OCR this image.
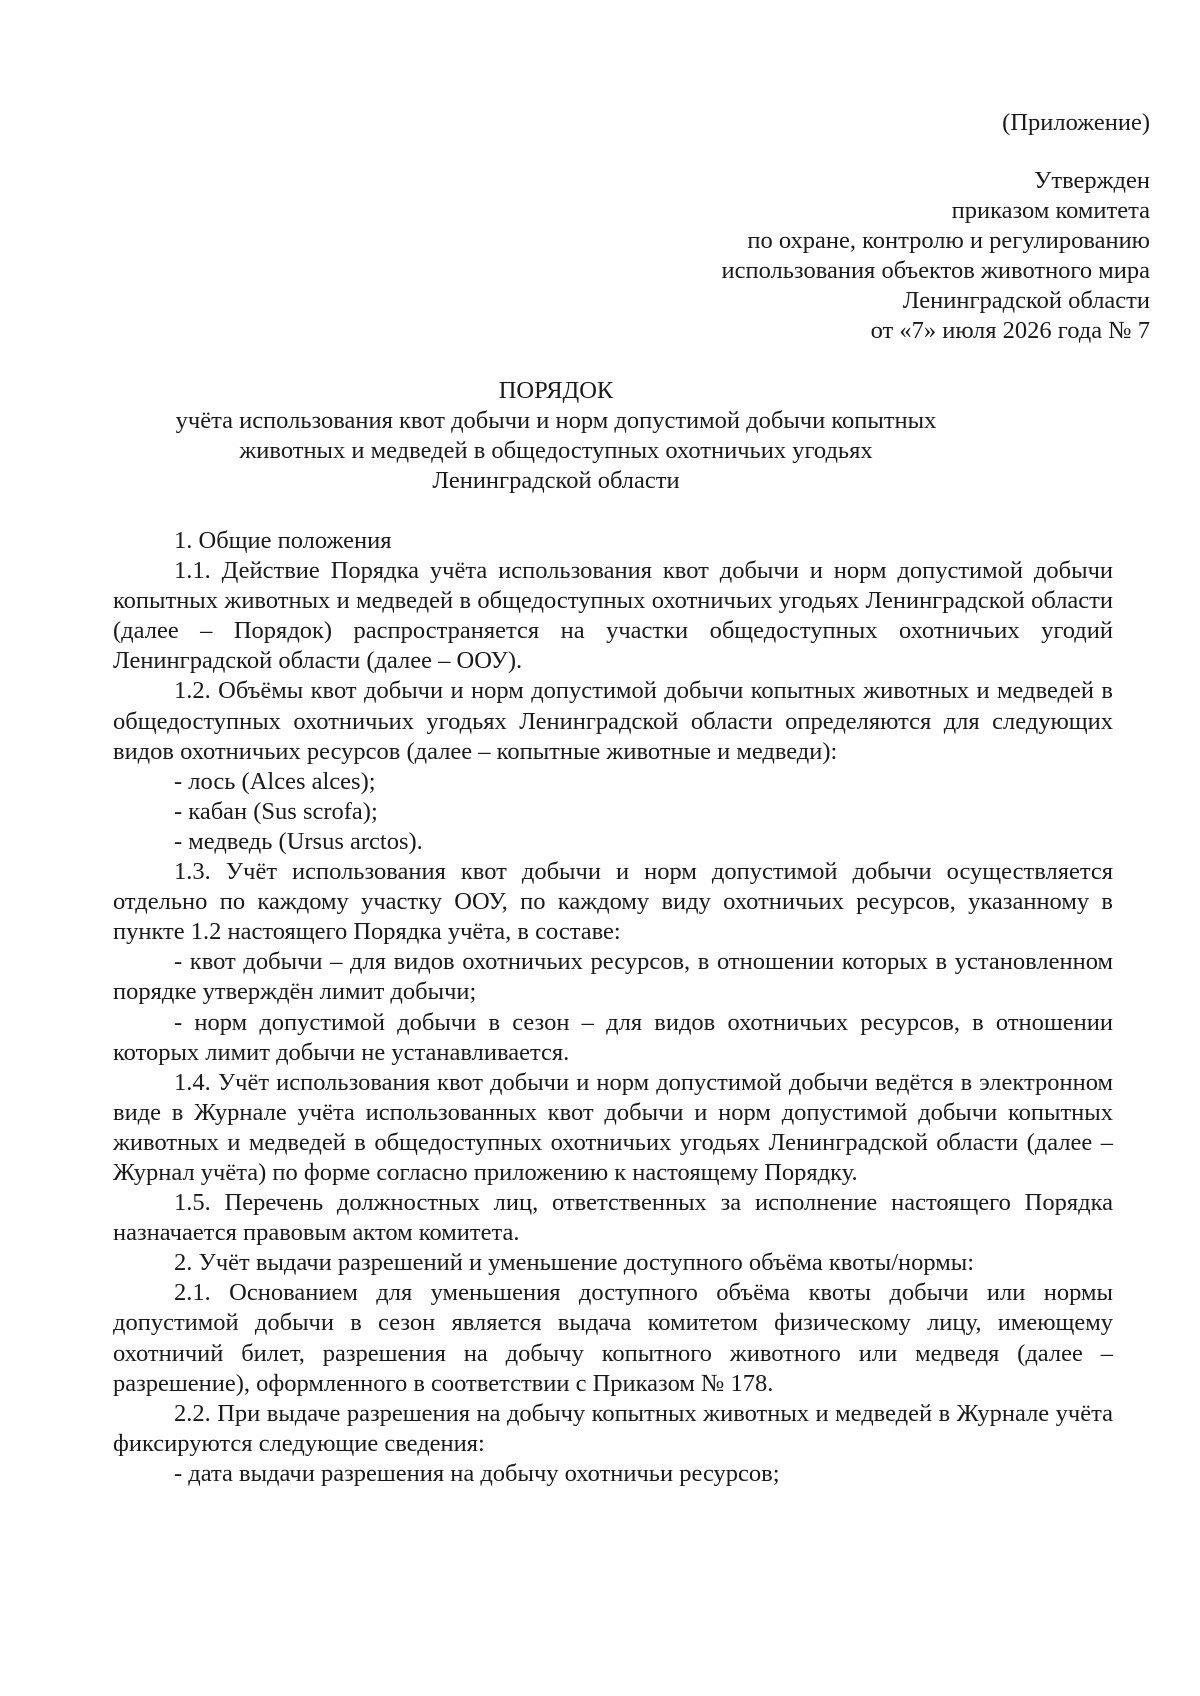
(Приложение)
Утвержден
приказом комитета
по охране, контролю и регулированию
использования объектов животного мира
Ленинградской области
от «7» июля 2026 года № 7
ПОРЯДОК
учёта использования квот добычи и норм допустимой добычи копытных
животных и медведей в общедоступных охотничьих угодьях
Ленинградской области

1. Общие положения

1.1. Действие Порядка учёта использования квот добычи и норм допустимой добычи копытных животных и медведей в общедоступных охотничьих угодьях Ленинградской области (далее – Порядок) распространяется на участки общедоступных охотничьих угодий Ленинградской области (далее – ООУ).

1.2. Объёмы квот добычи и норм допустимой добычи копытных животных и медведей в общедоступных охотничьих угодьях Ленинградской области определяются для следующих видов охотничьих ресурсов (далее – копытные животные и медведи):

- лось (Alces alces);

- кабан (Sus scrofa);

- медведь (Ursus arctos).

1.3. Учёт использования квот добычи и норм допустимой добычи осуществляется отдельно по каждому участку ООУ, по каждому виду охотничьих ресурсов, указанному в пункте 1.2 настоящего Порядка учёта, в составе:

- квот добычи – для видов охотничьих ресурсов, в отношении которых в установленном порядке утверждён лимит добычи;

- норм допустимой добычи в сезон – для видов охотничьих ресурсов, в отношении которых лимит добычи не устанавливается.

1.4. Учёт использования квот добычи и норм допустимой добычи ведётся в электронном виде в Журнале учёта использованных квот добычи и норм допустимой добычи копытных животных и медведей в общедоступных охотничьих угодьях Ленинградской области (далее – Журнал учёта) по форме согласно приложению к настоящему Порядку.

1.5. Перечень должностных лиц, ответственных за исполнение настоящего Порядка назначается правовым актом комитета.

2. Учёт выдачи разрешений и уменьшение доступного объёма квоты/нормы:

2.1. Основанием для уменьшения доступного объёма квоты добычи или нормы допустимой добычи в сезон является выдача комитетом физическому лицу, имеющему охотничий билет, разрешения на добычу копытного животного или медведя (далее – разрешение), оформленного в соответствии с Приказом № 178.

2.2. При выдаче разрешения на добычу копытных животных и медведей в Журнале учёта фиксируются следующие сведения:

- дата выдачи разрешения на добычу охотничьи ресурсов;
